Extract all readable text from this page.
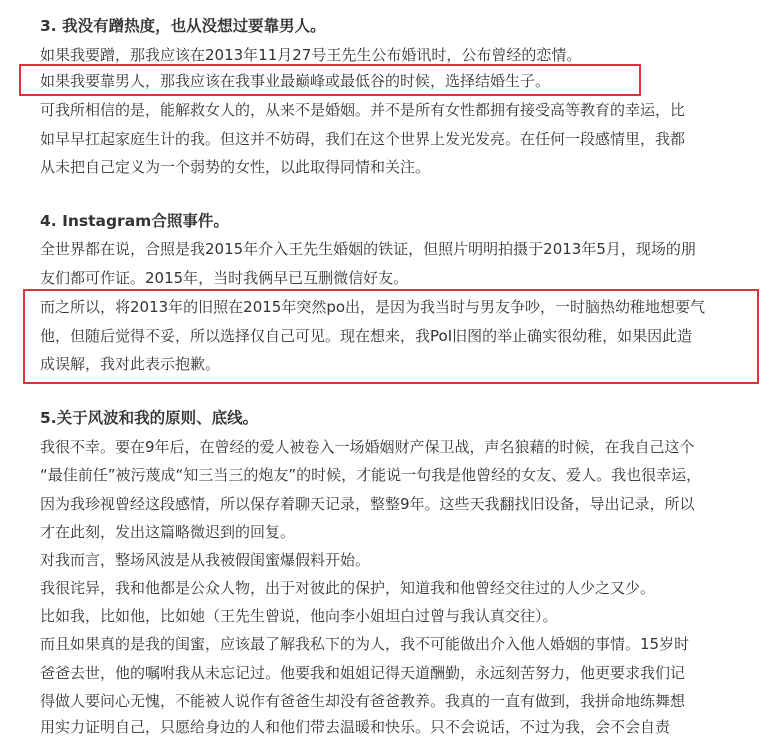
3. 我没有蹭热度，也从没想过要靠男人。
如果我要蹭，那我应该在2013年11月27号王先生公布婚讯时，公布曾经的恋情。
如果我要靠男人，那我应该在我事业最巅峰或最低谷的时候，选择结婚生子。
可我所相信的是，能解救女人的，从来不是婚姻。并不是所有女性都拥有接受高等教育的幸运，比
如早早扛起家庭生计的我。但这并不妨碍，我们在这个世界上发光发亮。在任何一段感情里，我都
从未把自己定义为一个弱势的女性，以此取得同情和关注。
4. Instagram合照事件。
全世界都在说，合照是我2015年介入王先生婚姻的铁证，但照片明明拍摄于2013年5月，现场的朋
友们都可作证。2015年，当时我俩早已互删微信好友。
而之所以，将2013年的旧照在2015年突然po出，是因为我当时与男友争吵，一时脑热幼稚地想要气
他，但随后觉得不妥，所以选择仅自己可见。现在想来，我PoI旧图的举止确实很幼稚，如果因此造
成误解，我对此表示抱歉。
5.关于风波和我的原则、底线。
我很不幸。要在9年后，在曾经的爱人被卷入一场婚姻财产保卫战，声名狼藉的时候，在我自己这个
“最佳前任”被污蔑成“知三当三的炮友”的时候，才能说一句我是他曾经的女友、爱人。我也很幸运，
因为我珍视曾经这段感情，所以保存着聊天记录，整整9年。这些天我翻找旧设备，导出记录，所以
才在此刻，发出这篇略微迟到的回复。
对我而言，整场风波是从我被假闺蜜爆假料开始。
我很诧异，我和他都是公众人物，出于对彼此的保护，知道我和他曾经交往过的人少之又少。
比如我，比如他，比如她（王先生曾说，他向李小姐坦白过曾与我认真交往）。
而且如果真的是我的闺蜜，应该最了解我私下的为人，我不可能做出介入他人婚姻的事情。15岁时
爸爸去世，他的嘱咐我从未忘记过。他要我和姐姐记得天道酬勤，永远刻苦努力，他更要求我们记
得做人要问心无愧，不能被人说作有爸爸生却没有爸爸教养。我真的一直有做到，我拼命地练舞想
用实力证明自己，只愿给身边的人和他们带去温暖和快乐。只不会说话，不过为我，会不会自责
